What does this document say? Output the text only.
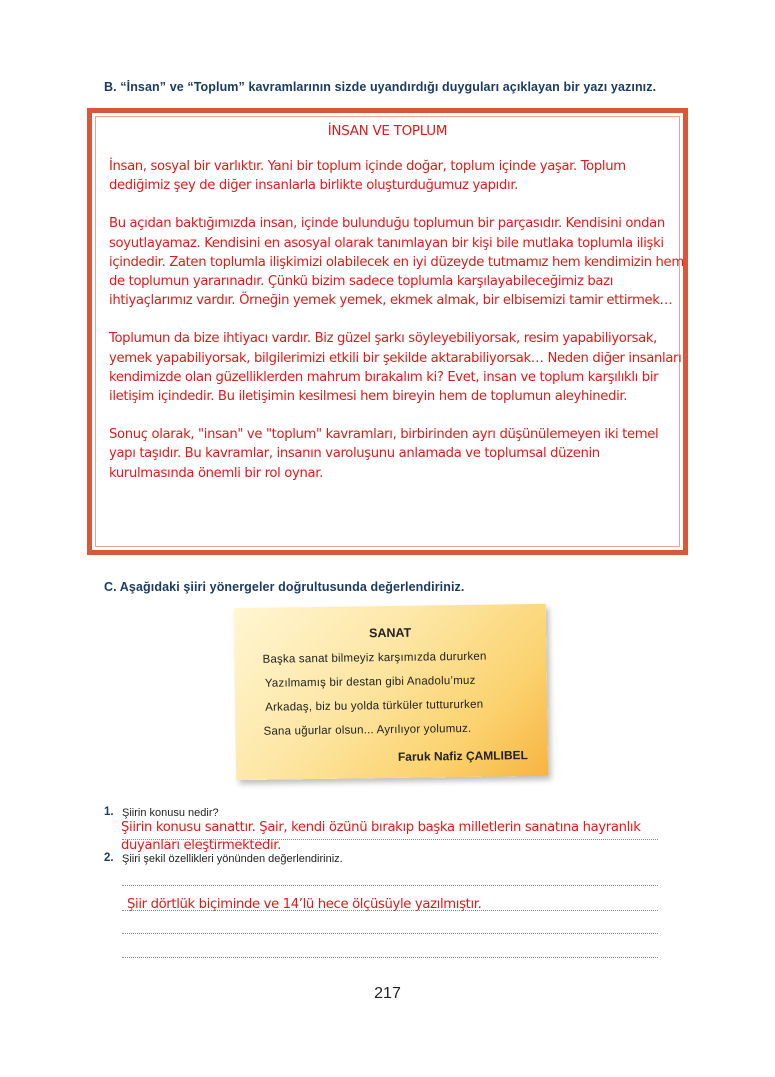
B. “İnsan” ve “Toplum” kavramlarının sizde uyandırdığı duyguları açıklayan bir yazı yazınız.
İNSAN VE TOPLUM

İnsan, sosyal bir varlıktır. Yani bir toplum içinde doğar, toplum içinde yaşar. Toplum dediğimiz şey de diğer insanlarla birlikte oluşturduğumuz yapıdır.

Bu açıdan baktığımızda insan, içinde bulunduğu toplumun bir parçasıdır. Kendisini ondan soyutlayamaz. Kendisini en asosyal olarak tanımlayan bir kişi bile mutlaka toplumla ilişki içindedir. Zaten toplumla ilişkimizi olabilecek en iyi düzeyde tutmamız hem kendimizin hem de toplumun yararınadır. Çünkü bizim sadece toplumla karşılayabileceğimiz bazı ihtiyaçlarımız vardır. Örneğin yemek yemek, ekmek almak, bir elbisemizi tamir ettirmek…

Toplumun da bize ihtiyacı vardır. Biz güzel şarkı söyleyebiliyorsak, resim yapabiliyorsak, yemek yapabiliyorsak, bilgilerimizi etkili bir şekilde aktarabiliyorsak… Neden diğer insanları kendimizde olan güzelliklerden mahrum bırakalım ki? Evet, insan ve toplum karşılıklı bir iletişim içindedir. Bu iletişimin kesilmesi hem bireyin hem de toplumun aleyhinedir.

Sonuç olarak, "insan" ve "toplum" kavramları, birbirinden ayrı düşünülemeyen iki temel yapı taşıdır. Bu kavramlar, insanın varoluşunu anlamada ve toplumsal düzenin kurulmasında önemli bir rol oynar.

C. Aşağıdaki şiiri yönergeler doğrultusunda değerlendiriniz.
SANAT
Başka sanat bilmeyiz karşımızda dururken
Yazılmamış bir destan gibi Anadolu’muz
Arkadaş, biz bu yolda türküler tuttururken
Sana uğurlar olsun... Ayrılıyor yolumuz.
Faruk Nafiz ÇAMLIBEL
1. Şiirin konusu nedir?
Şiirin konusu sanattır. Şair, kendi özünü bırakıp başka milletlerin sanatına hayranlık duyanları eleştirmektedir.
2. Şiiri şekil özellikleri yönünden değerlendiriniz.
Şiir dörtlük biçiminde ve 14’lü hece ölçüsüyle yazılmıştır.
217
